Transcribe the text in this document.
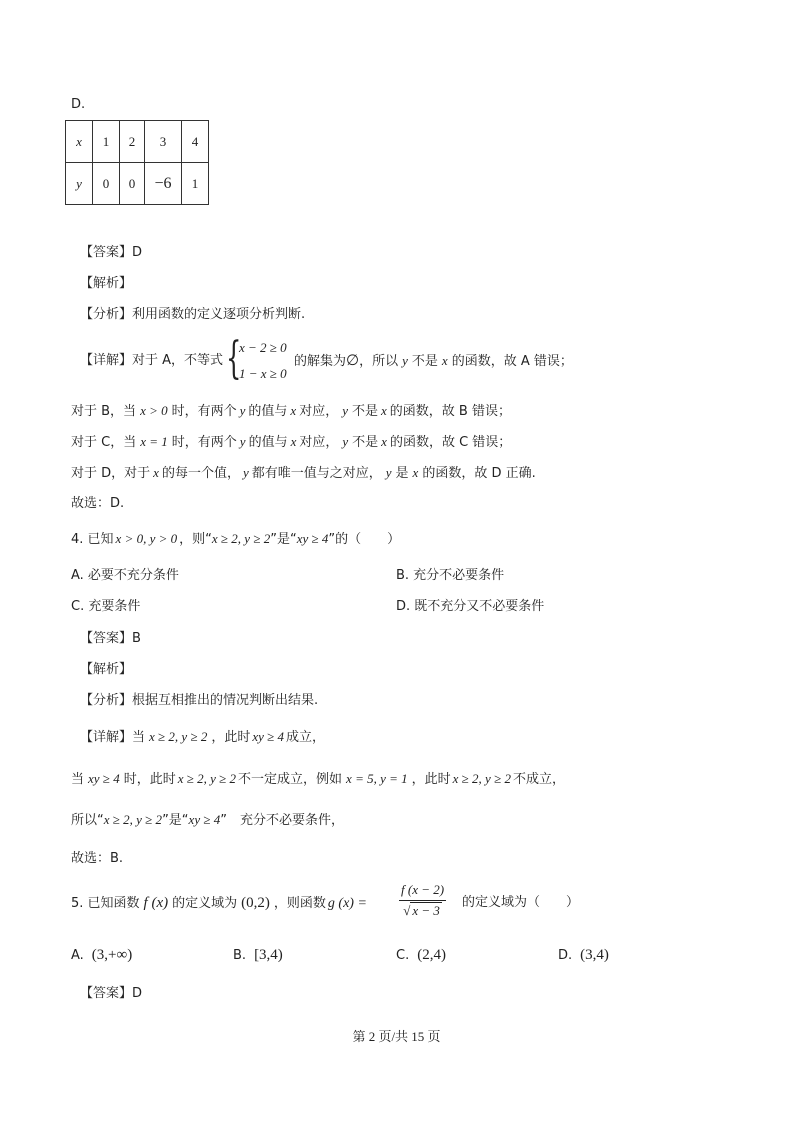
D.
x	1	2	3	4
y	0	0	−6	1
【答案】D
【解析】
【分析】利用函数的定义逐项分析判断.
【详解】对于 A，不等式 {
x − 2 ≥ 0
1 − x ≥ 0
的解集为∅，所以 y 不是 x 的函数，故 A 错误；
对于 B，当 x > 0 时，有两个 y 的值与 x 对应， y 不是 x 的函数，故 B 错误；
对于 C，当 x = 1 时，有两个 y 的值与 x 对应， y 不是 x 的函数，故 C 错误；
对于 D，对于 x 的每一个值， y 都有唯一值与之对应， y 是 x 的函数，故 D 正确.
故选：D.
4. 已知 x > 0, y > 0 ，则“x ≥ 2, y ≥ 2”是“xy ≥ 4”的（　　）
A. 必要不充分条件	B. 充分不必要条件
C. 充要条件	D. 既不充分又不必要条件
【答案】B
【解析】
【分析】根据互相推出的情况判断出结果.
【详解】当 x ≥ 2, y ≥ 2 ，此时 xy ≥ 4 成立，
当 xy ≥ 4 时，此时 x ≥ 2, y ≥ 2 不一定成立，例如 x = 5, y = 1 ，此时 x ≥ 2, y ≥ 2 不成立，
所以“x ≥ 2, y ≥ 2”是“xy ≥ 4”　充分不必要条件，
故选：B.
5. 已知函数 f (x) 的定义域为 (0,2) ，则函数 g $(x) = \frac{f (x - 2)}{√ x - 3}$ 的定义域为（　　）
A. (3,+∞)	B. [3,4)	C. (2,4)	D. (3,4)
【答案】D
第 2 页/共 15 页
